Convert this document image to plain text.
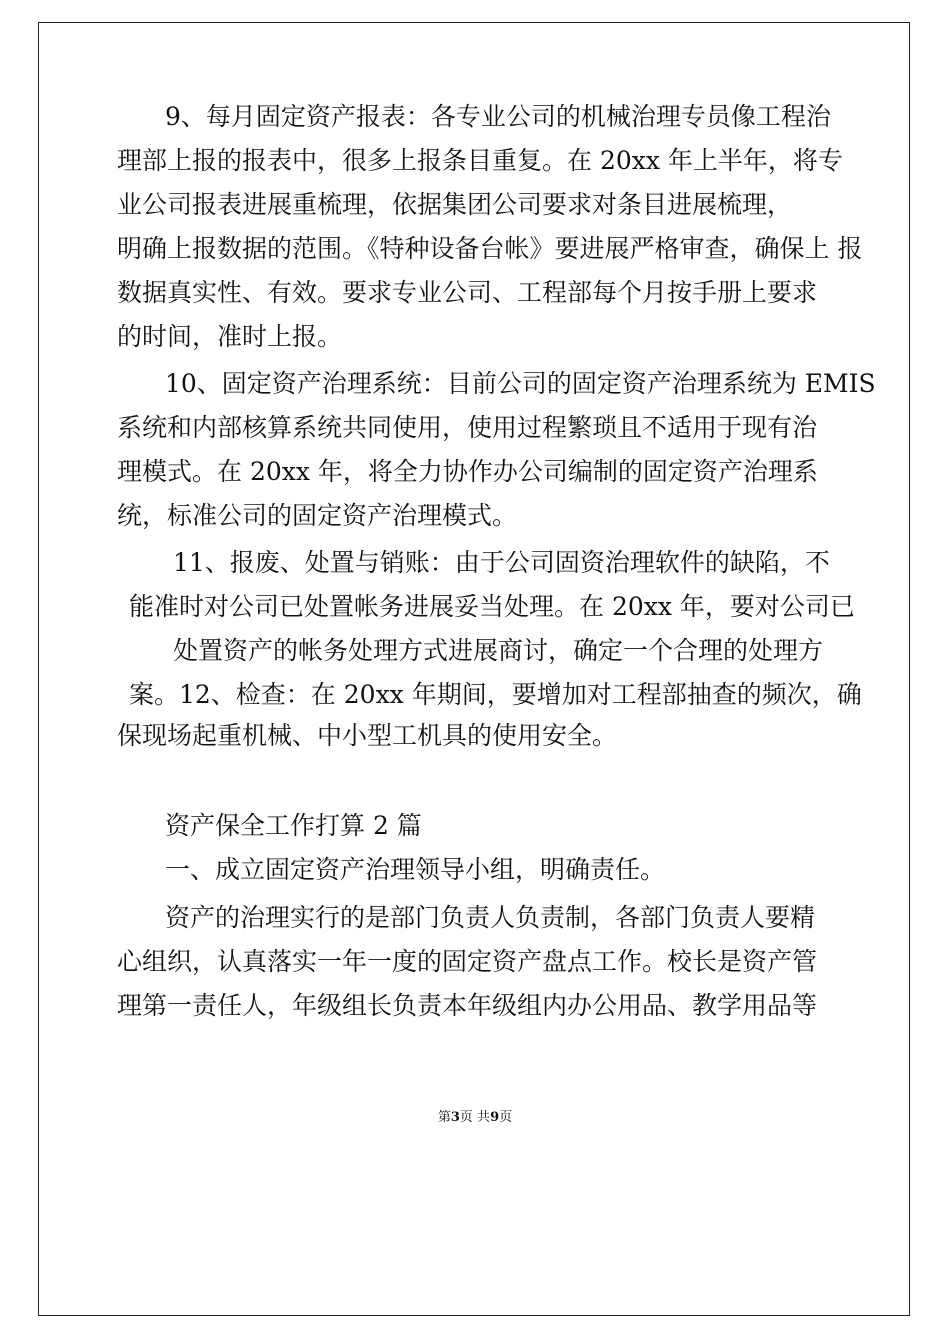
9、每月固定资产报表：各专业公司的机械治理专员像工程治
理部上报的报表中，很多上报条目重复。在 20xx 年上半年，将专
业公司报表进展重梳理，依据集团公司要求对条目进展梳理，
明确上报数据的范围。《特种设备台帐》要进展严格审查，确保上 报
数据真实性、有效。要求专业公司、工程部每个月按手册上要求
的时间，准时上报。
10、固定资产治理系统：目前公司的固定资产治理系统为 EMIS
系统和内部核算系统共同使用，使用过程繁琐且不适用于现有治
理模式。在 20xx 年，将全力协作办公司编制的固定资产治理系
统，标准公司的固定资产治理模式。
11、报废、处置与销账：由于公司固资治理软件的缺陷，不
能准时对公司已处置帐务进展妥当处理。在 20xx 年，要对公司已
处置资产的帐务处理方式进展商讨，确定一个合理的处理方
案。12、检查：在 20xx 年期间，要增加对工程部抽查的频次，确
保现场起重机械、中小型工机具的使用安全。
资产保全工作打算 2 篇
一、成立固定资产治理领导小组，明确责任。
资产的治理实行的是部门负责人负责制，各部门负责人要精
心组织，认真落实一年一度的固定资产盘点工作。校长是资产管
理第一责任人，年级组长负责本年级组内办公用品、教学用品等
第3页 共9页
